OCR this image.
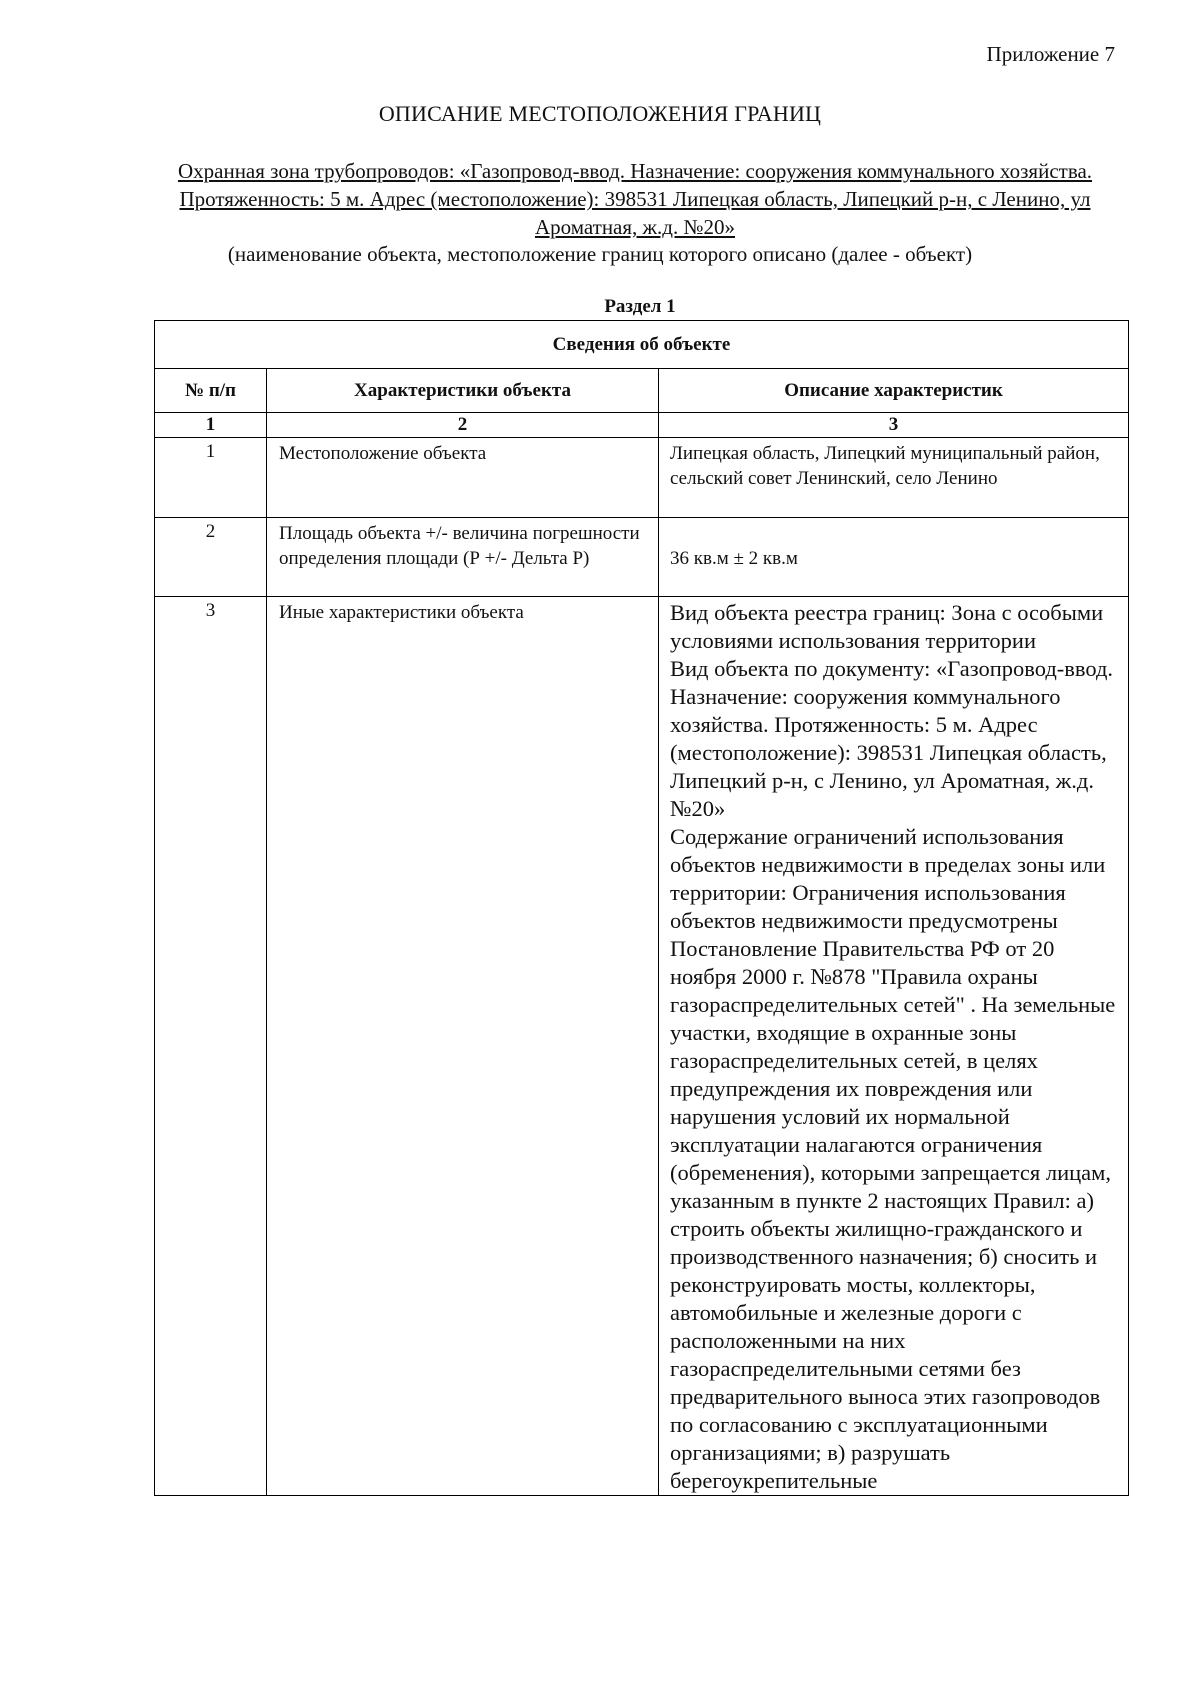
Приложение 7
ОПИСАНИЕ МЕСТОПОЛОЖЕНИЯ ГРАНИЦ
Охранная зона трубопроводов: «Газопровод-ввод. Назначение: сооружения коммунального хозяйства. Протяженность: 5 м. Адрес (местоположение): 398531 Липецкая область, Липецкий р-н, с Ленино, ул Ароматная, ж.д. №20»
(наименование объекта, местоположение границ которого описано (далее - объект)
Раздел 1
Сведения об объекте		
№ п/п	Характеристики объекта	Описание характеристик
1	2	3
1	Местоположение объекта	Липецкая область, Липецкий муниципальный район, сельский совет Ленинский, село Ленино
2	Площадь объекта +/- величина погрешности определения площади (Р +/- Дельта Р)	36 кв.м ± 2 кв.м
3	Иные характеристики объекта	Вид объекта реестра границ: Зона с особыми условиями использования территории
Вид объекта по документу: «Газопровод-ввод. Назначение: сооружения коммунального хозяйства. Протяженность: 5 м. Адрес (местоположение): 398531 Липецкая область, Липецкий р-н, с Ленино, ул Ароматная, ж.д. №20»
Содержание ограничений использования объектов недвижимости в пределах зоны или территории: Ограничения использования объектов недвижимости предусмотрены Постановление Правительства РФ от 20 ноября 2000 г. №878 "Правила охраны газораспределительных сетей" . На земельные участки, входящие в охранные зоны газораспределительных сетей, в целях предупреждения их повреждения или нарушения условий их нормальной эксплуатации налагаются ограничения (обременения), которыми запрещается лицам, указанным в пункте 2 настоящих Правил: а) строить объекты жилищно-гражданского и производственного назначения; б) сносить и реконструировать мосты, коллекторы, автомобильные и железные дороги с расположенными на них газораспределительными сетями без предварительного выноса этих газопроводов по согласованию с эксплуатационными организациями; в) разрушать берегоукрепительные
